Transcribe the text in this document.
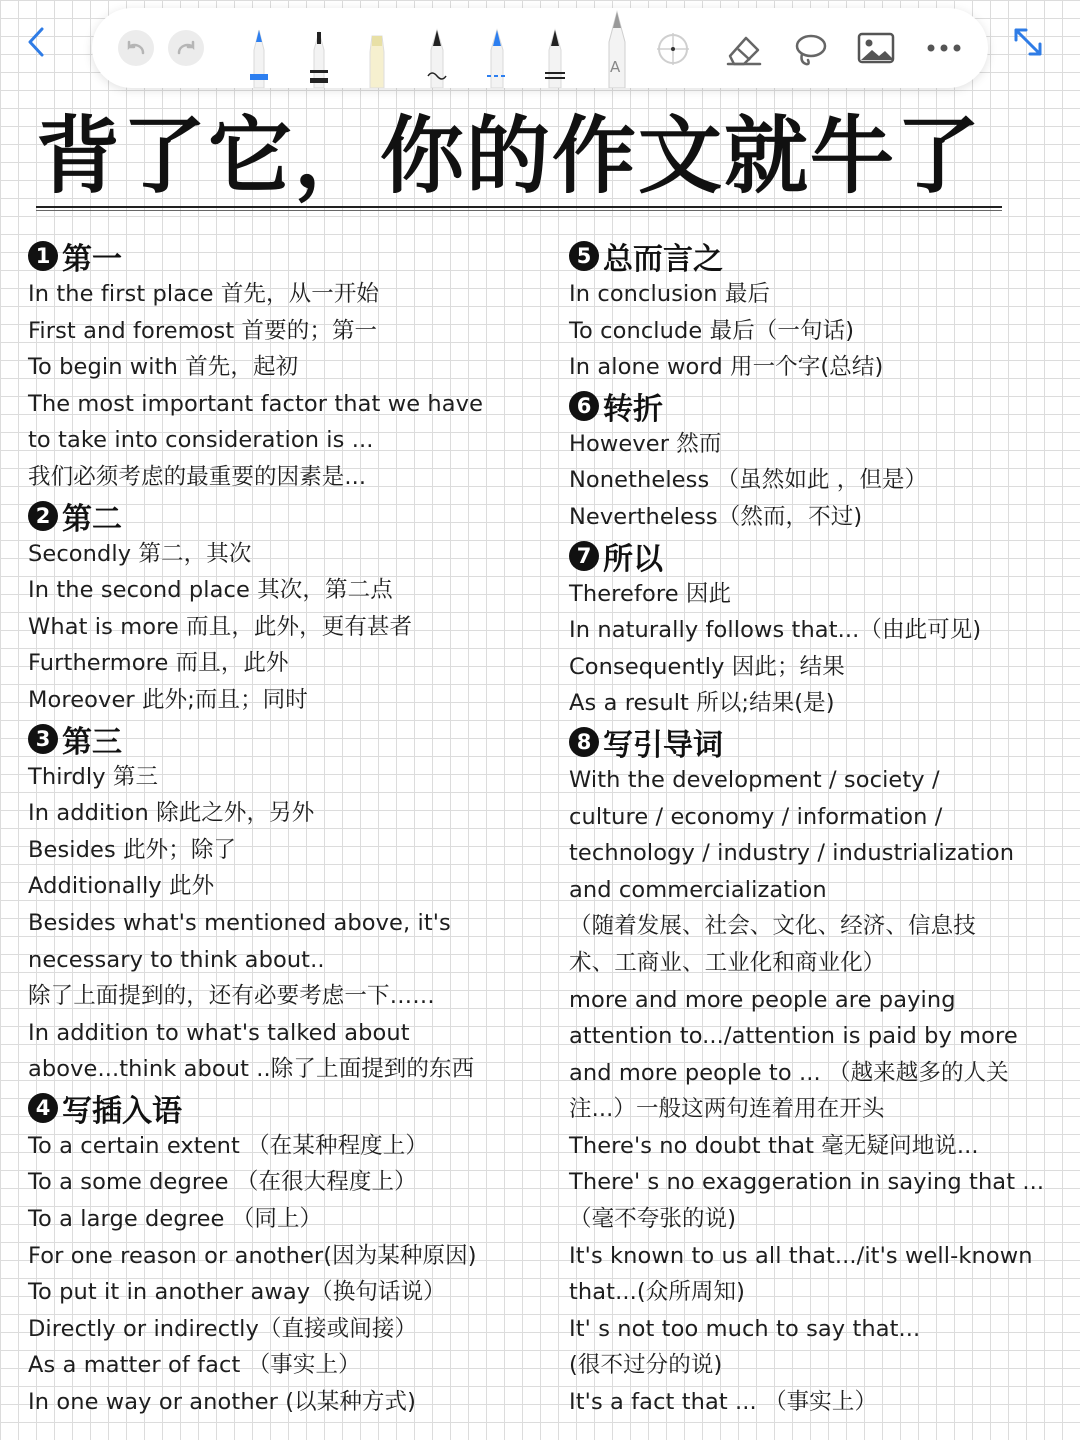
A
背了它，你的作文就牛了
1 第一
In the first place 首先，从一开始
First and foremost 首要的；第一
To begin with 首先，起初
The most important factor that we have
to take into consideration is ...
我们必须考虑的最重要的因素是...
2 第二
Secondly 第二，其次
In the second place 其次，第二点
What is more 而且，此外，更有甚者
Furthermore 而且，此外
Moreover 此外;而且；同时
3 第三
Thirdly 第三
In addition 除此之外，另外
Besides 此外；除了
Additionally 此外
Besides what's mentioned above, it's
necessary to think about..
除了上面提到的，还有必要考虑一下……
In addition to what's talked about
above...think about ..除了上面提到的东西
4 写插入语
To a certain extent （在某种程度上）
To a some degree （在很大程度上）
To a large degree （同上）
For one reason or another(因为某种原因)
To put it in another away（换句话说）
Directly or indirectly（直接或间接）
As a matter of fact （事实上）
In one way or another (以某种方式)
5 总而言之
In conclusion 最后
To conclude 最后（一句话)
In alone word 用一个字(总结)
6 转折
However 然而
Nonetheless （虽然如此 ，但是）
Nevertheless（然而，不过)
7 所以
Therefore 因此
In naturally follows that...（由此可见)
Consequently 因此；结果
As a result 所以;结果(是)
8 写引导词
With the development / society /
culture / economy / information /
technology / industry / industrialization
and commercialization
（随着发展、社会、文化、经济、信息技
术、工商业、工业化和商业化）
more and more people are paying
attention to.../attention is paid by more
and more people to ... （越来越多的人关
注...）一般这两句连着用在开头
There's no doubt that 毫无疑问地说...
There' s no exaggeration in saying that ...
（毫不夸张的说)
It's known to us all that.../it's well-known
that...(众所周知)
It' s not too much to say that...
(很不过分的说)
It's a fact that ... （事实上）
